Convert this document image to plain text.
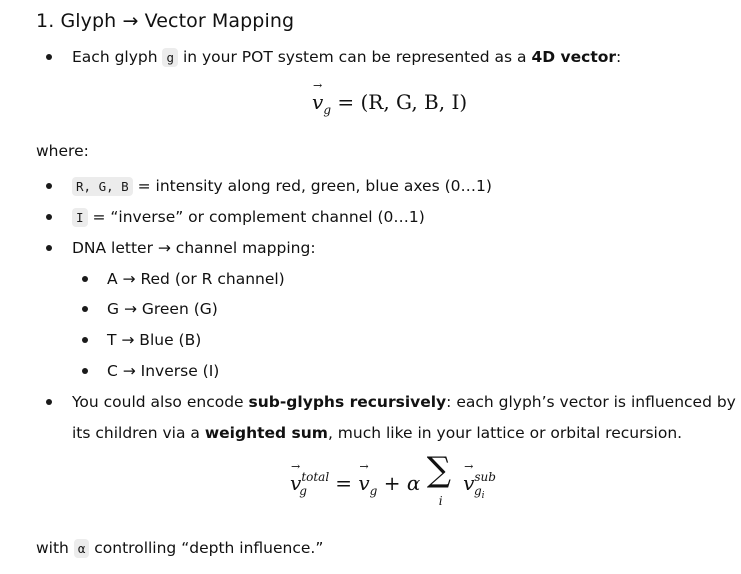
1. Glyph → Vector Mapping
Each glyph g in your POT system can be represented as a 4D vector:
→ $v_g = (R$, G, B, I)
where:
R, G, B = intensity along red, green, blue axes (0…1)
I = “inverse” or complement channel (0…1)
DNA letter → channel mapping:
A → Red (or R channel)
G → Green (G)
T → Blue (B)
C → Inverse (I)
You could also encode sub-glyphs recursively: each glyph’s vector is influenced by
its children via a weighted sum, much like in your lattice or orbital recursion.
→ $v^{total}_g$ = → $v_g + \alpha$ ∑
i
→ $v^{sub}_{gi}$
with α controlling “depth influence.”
